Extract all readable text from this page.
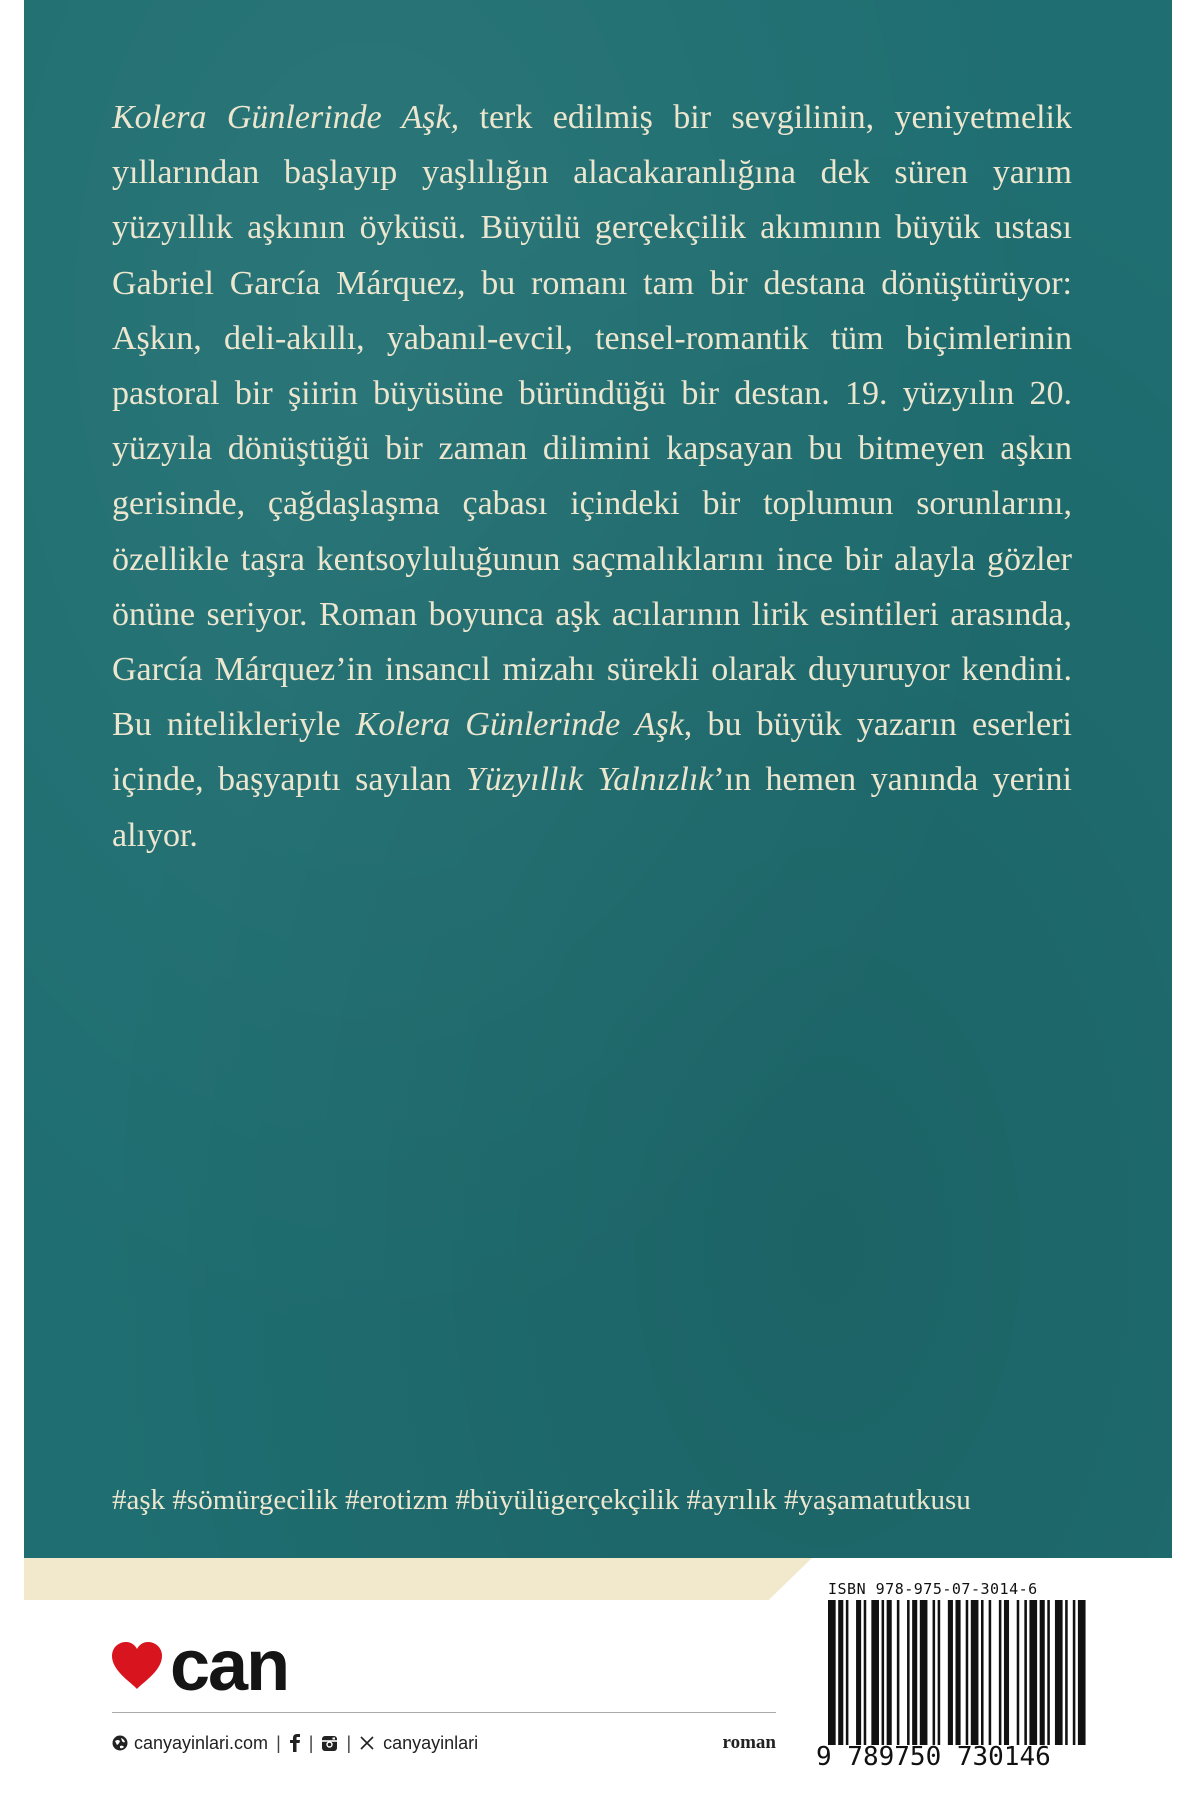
Kolera Günlerinde Aşk, terk edilmiş bir sevgilinin, yeniyetmelik yıllarından başlayıp yaşlılığın alacakaranlığına dek süren yarım yüzyıllık aşkının öyküsü. Büyülü gerçekçilik akımının büyük ustası Gabriel García Márquez, bu romanı tam bir destana dönüştürüyor: Aşkın, deli-akıllı, yabanıl-evcil, tensel-romantik tüm biçimlerinin pastoral bir şiirin büyüsüne büründüğü bir destan. 19. yüzyılın 20. yüzyıla dönüştüğü bir zaman dilimini kapsayan bu bitmeyen aşkın gerisinde, çağdaşlaşma çabası içindeki bir toplumun sorunlarını, özellikle taşra kentsoyluluğunun saçmalıklarını ince bir alayla gözler önüne seriyor. Roman boyunca aşk acılarının lirik esintileri arasında, García Márquez’in insancıl mizahı sürekli olarak duyuruyor kendini. Bu nitelikleriyle Kolera Günlerinde Aşk, bu büyük yazarın eserleri içinde, başyapıtı sayılan Yüzyıllık Yalnızlık’ın hemen yanında yerini alıyor.

#aşk #sömürgecilik #erotizm #büyülügerçekçilik #ayrılık #yaşamatutkusu
can
canyayinlari.com | | | canyayinlari	roman
ISBN 978-975-07-3014-6
9 789750 730146
